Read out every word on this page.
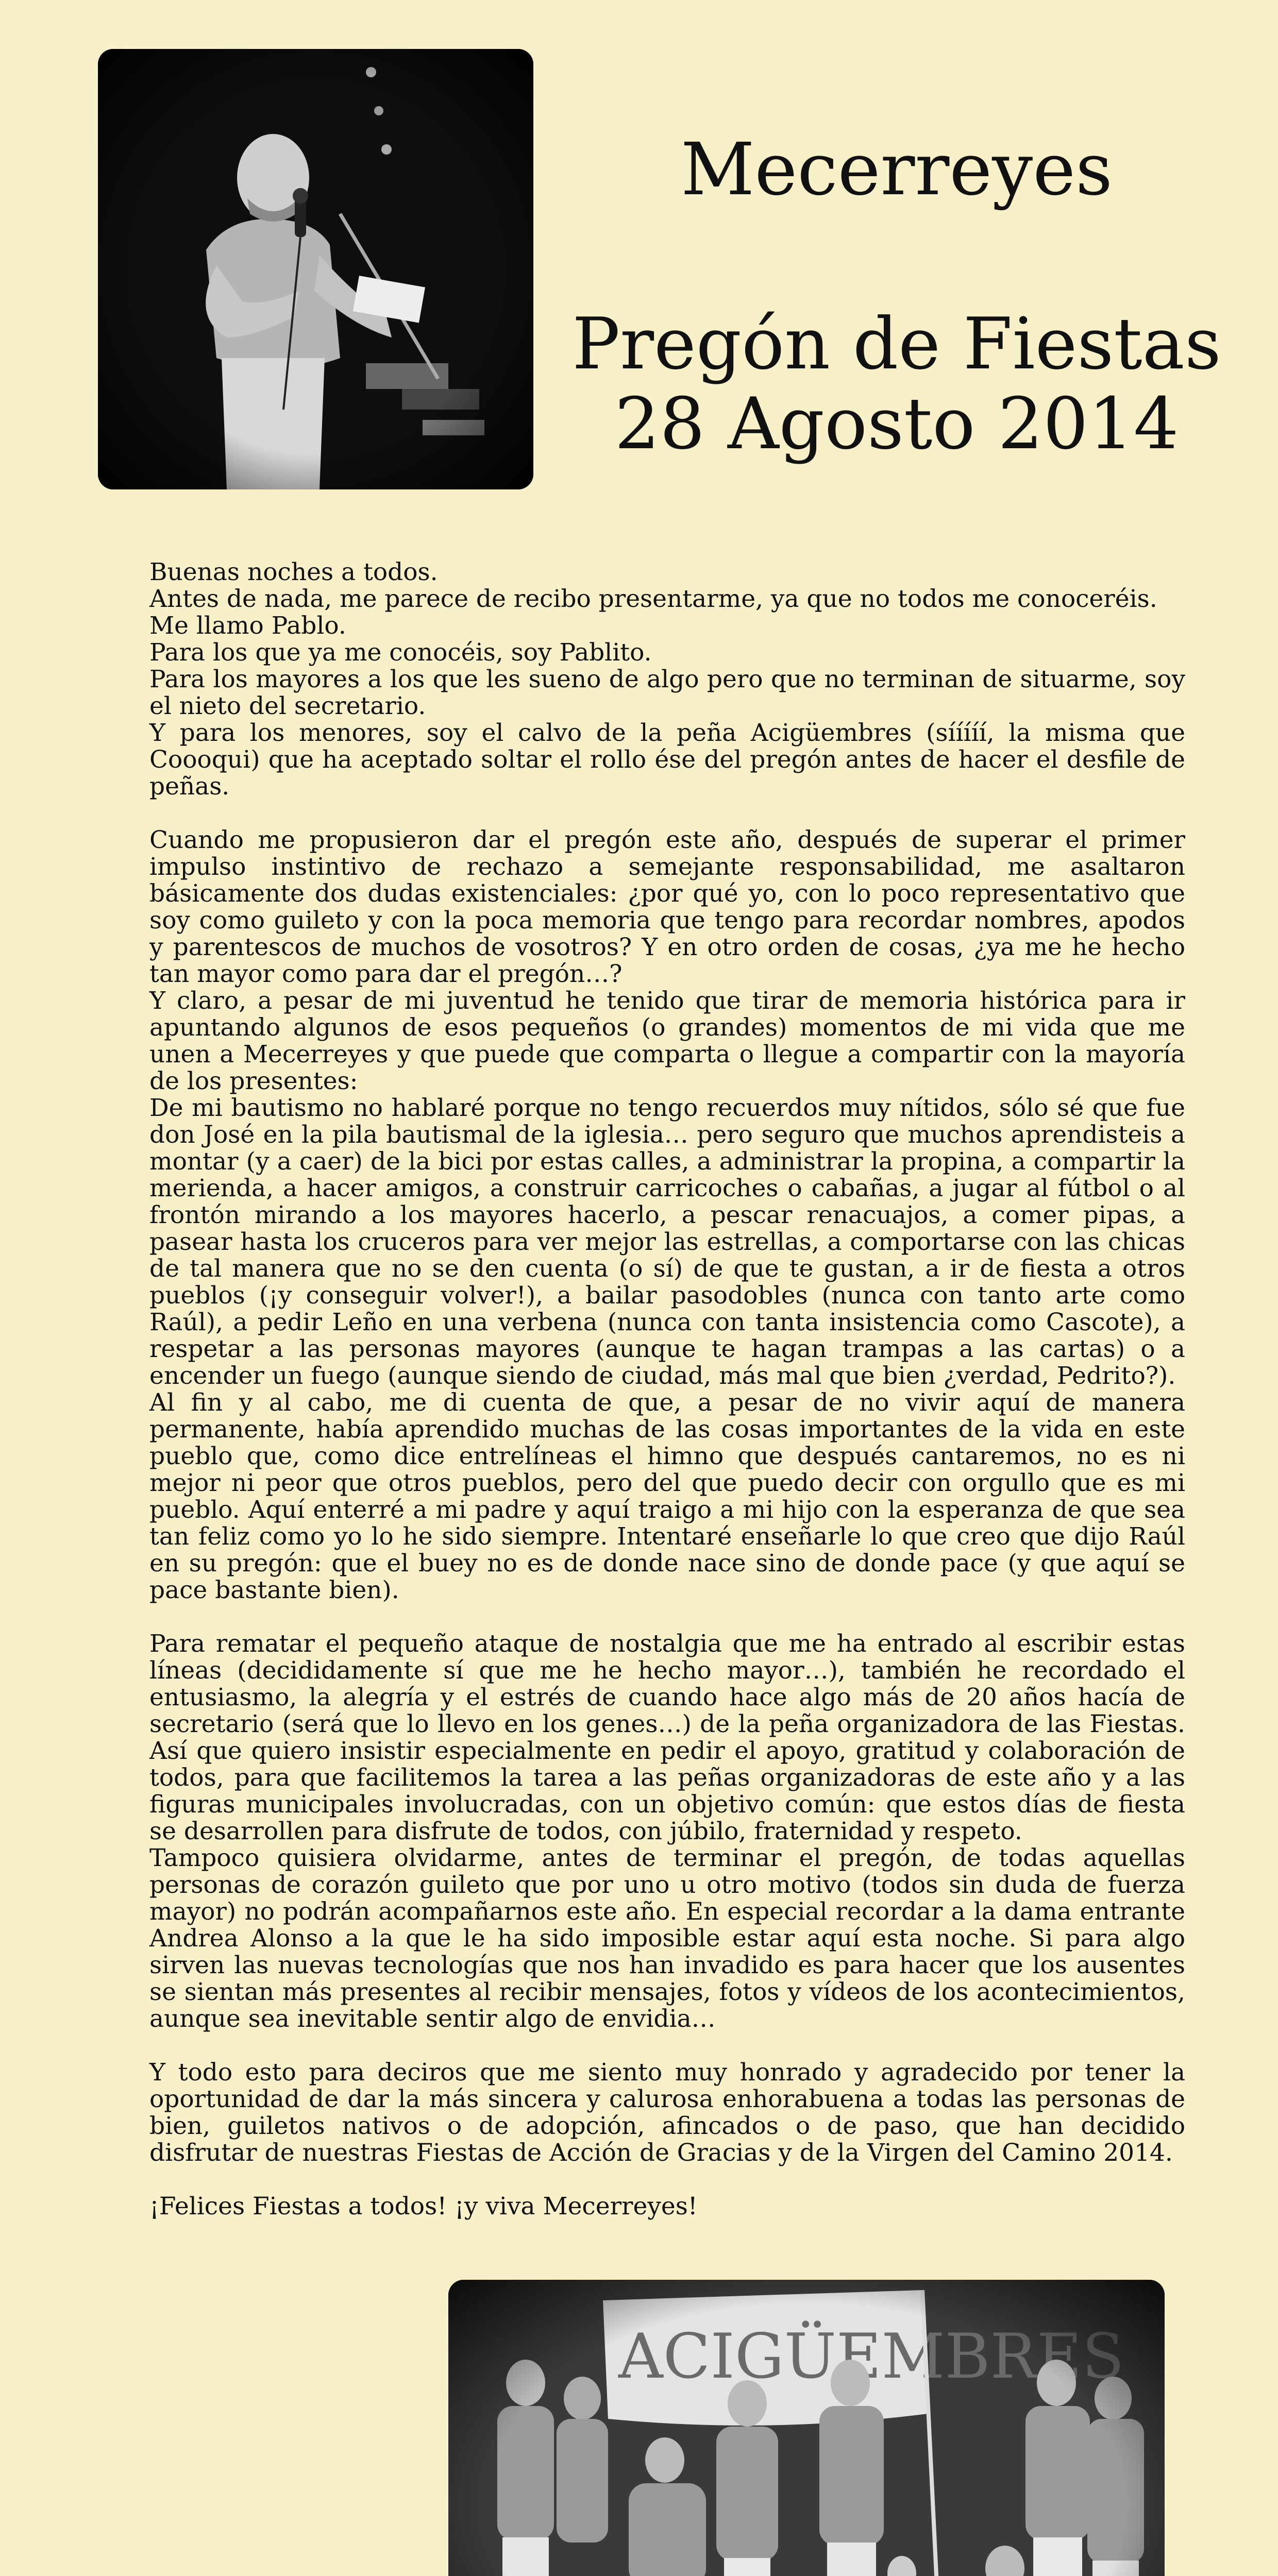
Mecerreyes
Pregón de Fiestas
28 Agosto 2014

Buenas noches a todos.

Antes de nada, me parece de recibo presentarme, ya que no todos me conoceréis.

Me llamo Pablo.

Para los que ya me conocéis, soy Pablito.

Para los mayores a los que les sueno de algo pero que no terminan de situarme, soy el nieto del secretario.

Y para los menores, soy el calvo de la peña Acigüembres (sííííí, la misma que Coooqui) que ha aceptado soltar el rollo ése del pregón antes de hacer el desfile de peñas.

Cuando me propusieron dar el pregón este año, después de superar el primer impulso instintivo de rechazo a semejante responsabilidad, me asaltaron básicamente dos dudas existenciales: ¿por qué yo, con lo poco representativo que soy como guileto y con la poca memoria que tengo para recordar nombres, apodos y parentescos de muchos de vosotros? Y en otro orden de cosas, ¿ya me he hecho tan mayor como para dar el pregón…?

Y claro, a pesar de mi juventud he tenido que tirar de memoria histórica para ir apuntando algunos de esos pequeños (o grandes) momentos de mi vida que me unen a Mecerreyes y que puede que comparta o llegue a compartir con la mayoría de los presentes:

De mi bautismo no hablaré porque no tengo recuerdos muy nítidos, sólo sé que fue don José en la pila bautismal de la iglesia… pero seguro que muchos aprendisteis a montar (y a caer) de la bici por estas calles, a administrar la propina, a compartir la merienda, a hacer amigos, a construir carricoches o cabañas, a jugar al fútbol o al frontón mirando a los mayores hacerlo, a pescar renacuajos, a comer pipas, a pasear hasta los cruceros para ver mejor las estrellas, a comportarse con las chicas de tal manera que no se den cuenta (o sí) de que te gustan, a ir de fiesta a otros pueblos (¡y conseguir volver!), a bailar pasodobles (nunca con tanto arte como Raúl), a pedir Leño en una verbena (nunca con tanta insistencia como Cascote), a respetar a las personas mayores (aunque te hagan trampas a las cartas) o a encender un fuego (aunque siendo de ciudad, más mal que bien ¿verdad, Pedrito?).

Al fin y al cabo, me di cuenta de que, a pesar de no vivir aquí de manera permanente, había aprendido muchas de las cosas importantes de la vida en este pueblo que, como dice entrelíneas el himno que después cantaremos, no es ni mejor ni peor que otros pueblos, pero del que puedo decir con orgullo que es mi pueblo. Aquí enterré a mi padre y aquí traigo a mi hijo con la esperanza de que sea tan feliz como yo lo he sido siempre. Intentaré enseñarle lo que creo que dijo Raúl en su pregón: que el buey no es de donde nace sino de donde pace (y que aquí se pace bastante bien).

Para rematar el pequeño ataque de nostalgia que me ha entrado al escribir estas líneas (decididamente sí que me he hecho mayor…), también he recordado el entusiasmo, la alegría y el estrés de cuando hace algo más de 20 años hacía de secretario (será que lo llevo en los genes…) de la peña organizadora de las Fiestas. Así que quiero insistir especialmente en pedir el apoyo, gratitud y colaboración de todos, para que facilitemos la tarea a las peñas organizadoras de este año y a las figuras municipales involucradas, con un objetivo común: que estos días de fiesta se desarrollen para disfrute de todos, con júbilo, fraternidad y respeto.

Tampoco quisiera olvidarme, antes de terminar el pregón, de todas aquellas personas de corazón guileto que por uno u otro motivo (todos sin duda de fuerza mayor) no podrán acompañarnos este año. En especial recordar a la dama entrante Andrea Alonso a la que le ha sido imposible estar aquí esta noche. Si para algo sirven las nuevas tecnologías que nos han invadido es para hacer que los ausentes se sientan más presentes al recibir mensajes, fotos y vídeos de los acontecimientos, aunque sea inevitable sentir algo de envidia…

Y todo esto para deciros que me siento muy honrado y agradecido por tener la oportunidad de dar la más sincera y calurosa enhorabuena a todas las personas de bien, guiletos nativos o de adopción, afincados o de paso, que han decidido disfrutar de nuestras Fiestas de Acción de Gracias y de la Virgen del Camino 2014.

¡Felices Fiestas a todos! ¡y viva Mecerreyes!
